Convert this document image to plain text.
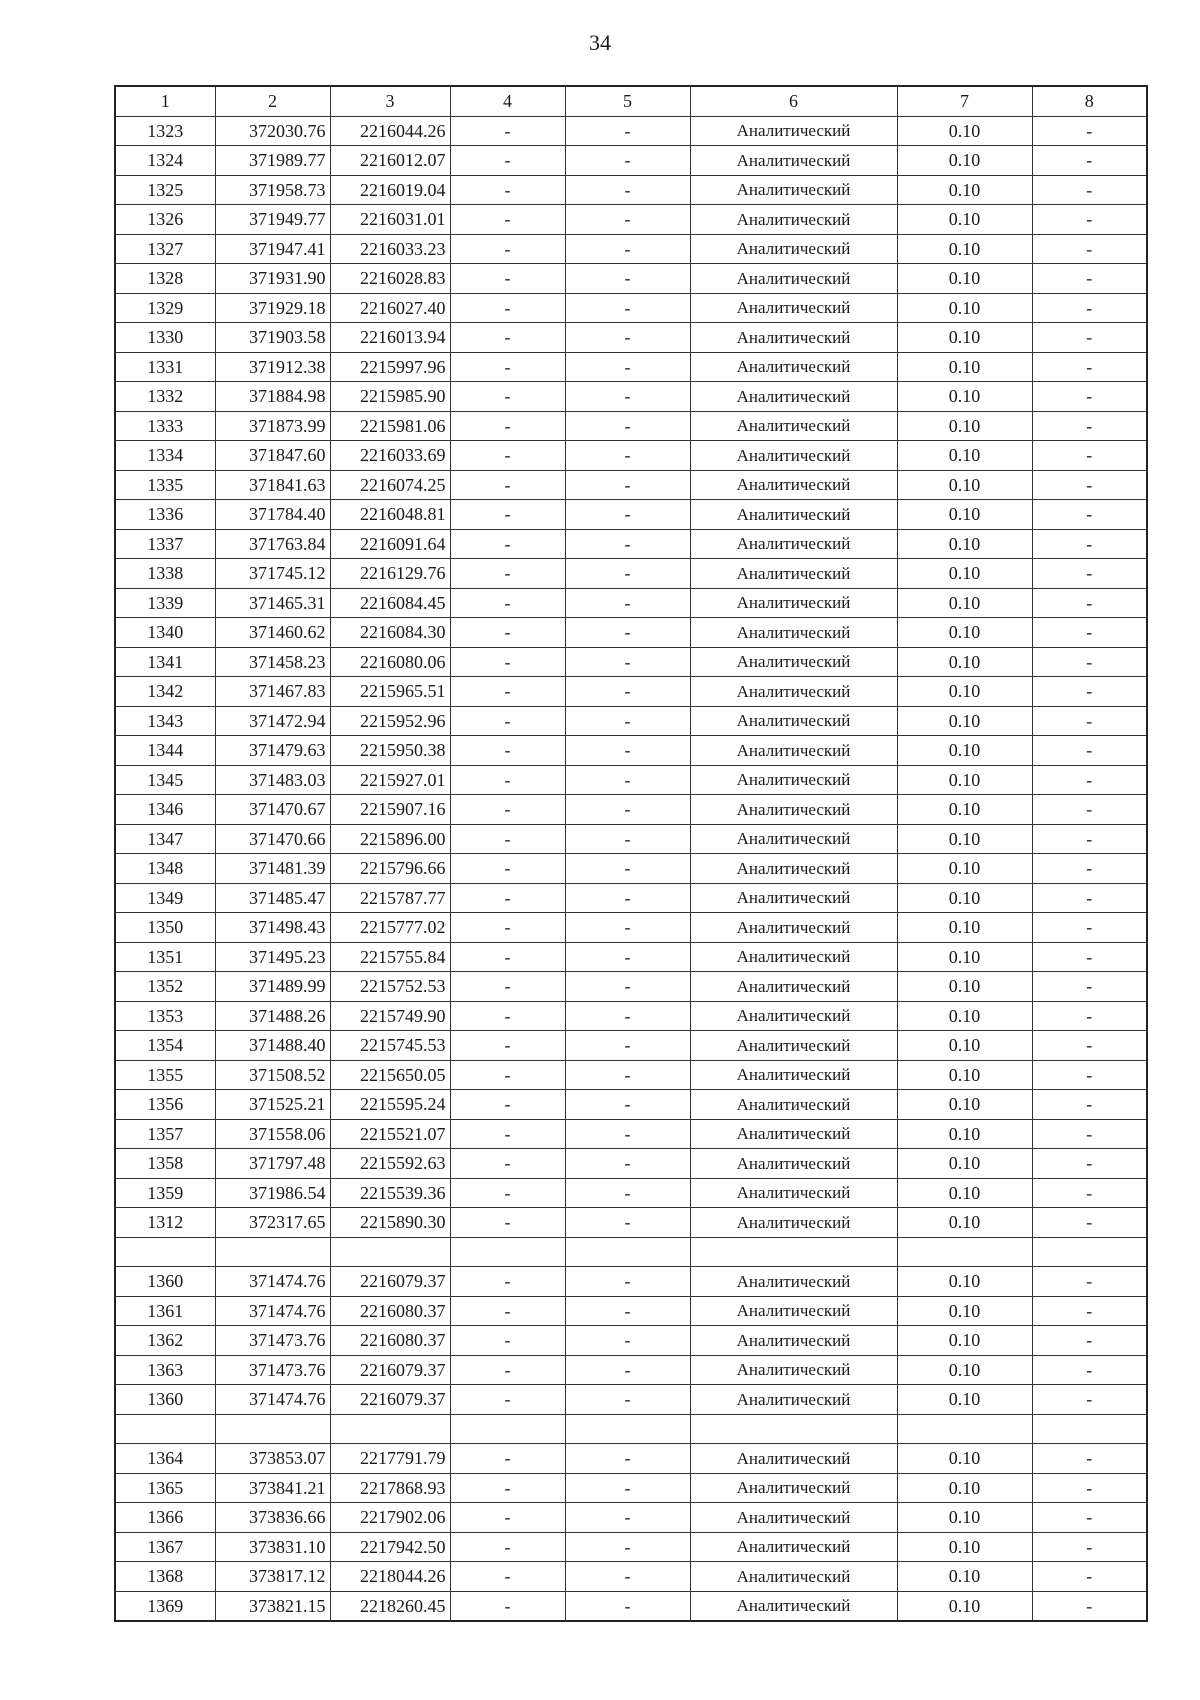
34
1	2	3	4	5	6	7	8
1323	372030.76	2216044.26	-	-	Аналитический	0.10	-
1324	371989.77	2216012.07	-	-	Аналитический	0.10	-
1325	371958.73	2216019.04	-	-	Аналитический	0.10	-
1326	371949.77	2216031.01	-	-	Аналитический	0.10	-
1327	371947.41	2216033.23	-	-	Аналитический	0.10	-
1328	371931.90	2216028.83	-	-	Аналитический	0.10	-
1329	371929.18	2216027.40	-	-	Аналитический	0.10	-
1330	371903.58	2216013.94	-	-	Аналитический	0.10	-
1331	371912.38	2215997.96	-	-	Аналитический	0.10	-
1332	371884.98	2215985.90	-	-	Аналитический	0.10	-
1333	371873.99	2215981.06	-	-	Аналитический	0.10	-
1334	371847.60	2216033.69	-	-	Аналитический	0.10	-
1335	371841.63	2216074.25	-	-	Аналитический	0.10	-
1336	371784.40	2216048.81	-	-	Аналитический	0.10	-
1337	371763.84	2216091.64	-	-	Аналитический	0.10	-
1338	371745.12	2216129.76	-	-	Аналитический	0.10	-
1339	371465.31	2216084.45	-	-	Аналитический	0.10	-
1340	371460.62	2216084.30	-	-	Аналитический	0.10	-
1341	371458.23	2216080.06	-	-	Аналитический	0.10	-
1342	371467.83	2215965.51	-	-	Аналитический	0.10	-
1343	371472.94	2215952.96	-	-	Аналитический	0.10	-
1344	371479.63	2215950.38	-	-	Аналитический	0.10	-
1345	371483.03	2215927.01	-	-	Аналитический	0.10	-
1346	371470.67	2215907.16	-	-	Аналитический	0.10	-
1347	371470.66	2215896.00	-	-	Аналитический	0.10	-
1348	371481.39	2215796.66	-	-	Аналитический	0.10	-
1349	371485.47	2215787.77	-	-	Аналитический	0.10	-
1350	371498.43	2215777.02	-	-	Аналитический	0.10	-
1351	371495.23	2215755.84	-	-	Аналитический	0.10	-
1352	371489.99	2215752.53	-	-	Аналитический	0.10	-
1353	371488.26	2215749.90	-	-	Аналитический	0.10	-
1354	371488.40	2215745.53	-	-	Аналитический	0.10	-
1355	371508.52	2215650.05	-	-	Аналитический	0.10	-
1356	371525.21	2215595.24	-	-	Аналитический	0.10	-
1357	371558.06	2215521.07	-	-	Аналитический	0.10	-
1358	371797.48	2215592.63	-	-	Аналитический	0.10	-
1359	371986.54	2215539.36	-	-	Аналитический	0.10	-
1312	372317.65	2215890.30	-	-	Аналитический	0.10	-

1360	371474.76	2216079.37	-	-	Аналитический	0.10	-
1361	371474.76	2216080.37	-	-	Аналитический	0.10	-
1362	371473.76	2216080.37	-	-	Аналитический	0.10	-
1363	371473.76	2216079.37	-	-	Аналитический	0.10	-
1360	371474.76	2216079.37	-	-	Аналитический	0.10	-

1364	373853.07	2217791.79	-	-	Аналитический	0.10	-
1365	373841.21	2217868.93	-	-	Аналитический	0.10	-
1366	373836.66	2217902.06	-	-	Аналитический	0.10	-
1367	373831.10	2217942.50	-	-	Аналитический	0.10	-
1368	373817.12	2218044.26	-	-	Аналитический	0.10	-
1369	373821.15	2218260.45	-	-	Аналитический	0.10	-
